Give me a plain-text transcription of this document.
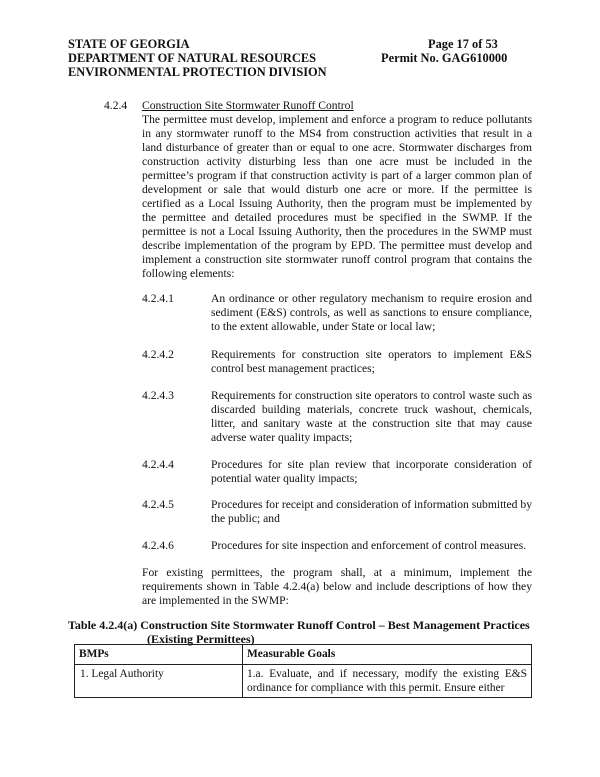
STATE OF GEORGIA
DEPARTMENT OF NATURAL RESOURCES
ENVIRONMENTAL PROTECTION DIVISION
Page 17 of 53
Permit No. GAG610000
4.2.4 Construction Site Stormwater Runoff Control
The permittee must develop, implement and enforce a program to reduce pollutants in any stormwater runoff to the MS4 from construction activities that result in a land disturbance of greater than or equal to one acre. Stormwater discharges from construction activity disturbing less than one acre must be included in the permittee’s program if that construction activity is part of a larger common plan of development or sale that would disturb one acre or more. If the permittee is certified as a Local Issuing Authority, then the program must be implemented by the permittee and detailed procedures must be specified in the SWMP. If the permittee is not a Local Issuing Authority, then the procedures in the SWMP must describe implementation of the program by EPD. The permittee must develop and implement a construction site stormwater runoff control program that contains the following elements:
4.2.4.1	An ordinance or other regulatory mechanism to require erosion and sediment (E&S) controls, as well as sanctions to ensure compliance, to the extent allowable, under State or local law;
4.2.4.2	Requirements for construction site operators to implement E&S control best management practices;
4.2.4.3	Requirements for construction site operators to control waste such as discarded building materials, concrete truck washout, chemicals, litter, and sanitary waste at the construction site that may cause adverse water quality impacts;
4.2.4.4	Procedures for site plan review that incorporate consideration of potential water quality impacts;
4.2.4.5	Procedures for receipt and consideration of information submitted by the public; and
4.2.4.6	Procedures for site inspection and enforcement of control measures.
For existing permittees, the program shall, at a minimum, implement the requirements shown in Table 4.2.4(a) below and include descriptions of how they are implemented in the SWMP:
Table 4.2.4(a) Construction Site Stormwater Runoff Control – Best Management Practices
(Existing Permittees)
BMPs	Measurable Goals
1. Legal Authority	1.a. Evaluate, and if necessary, modify the existing E&S ordinance for compliance with this permit. Ensure either
